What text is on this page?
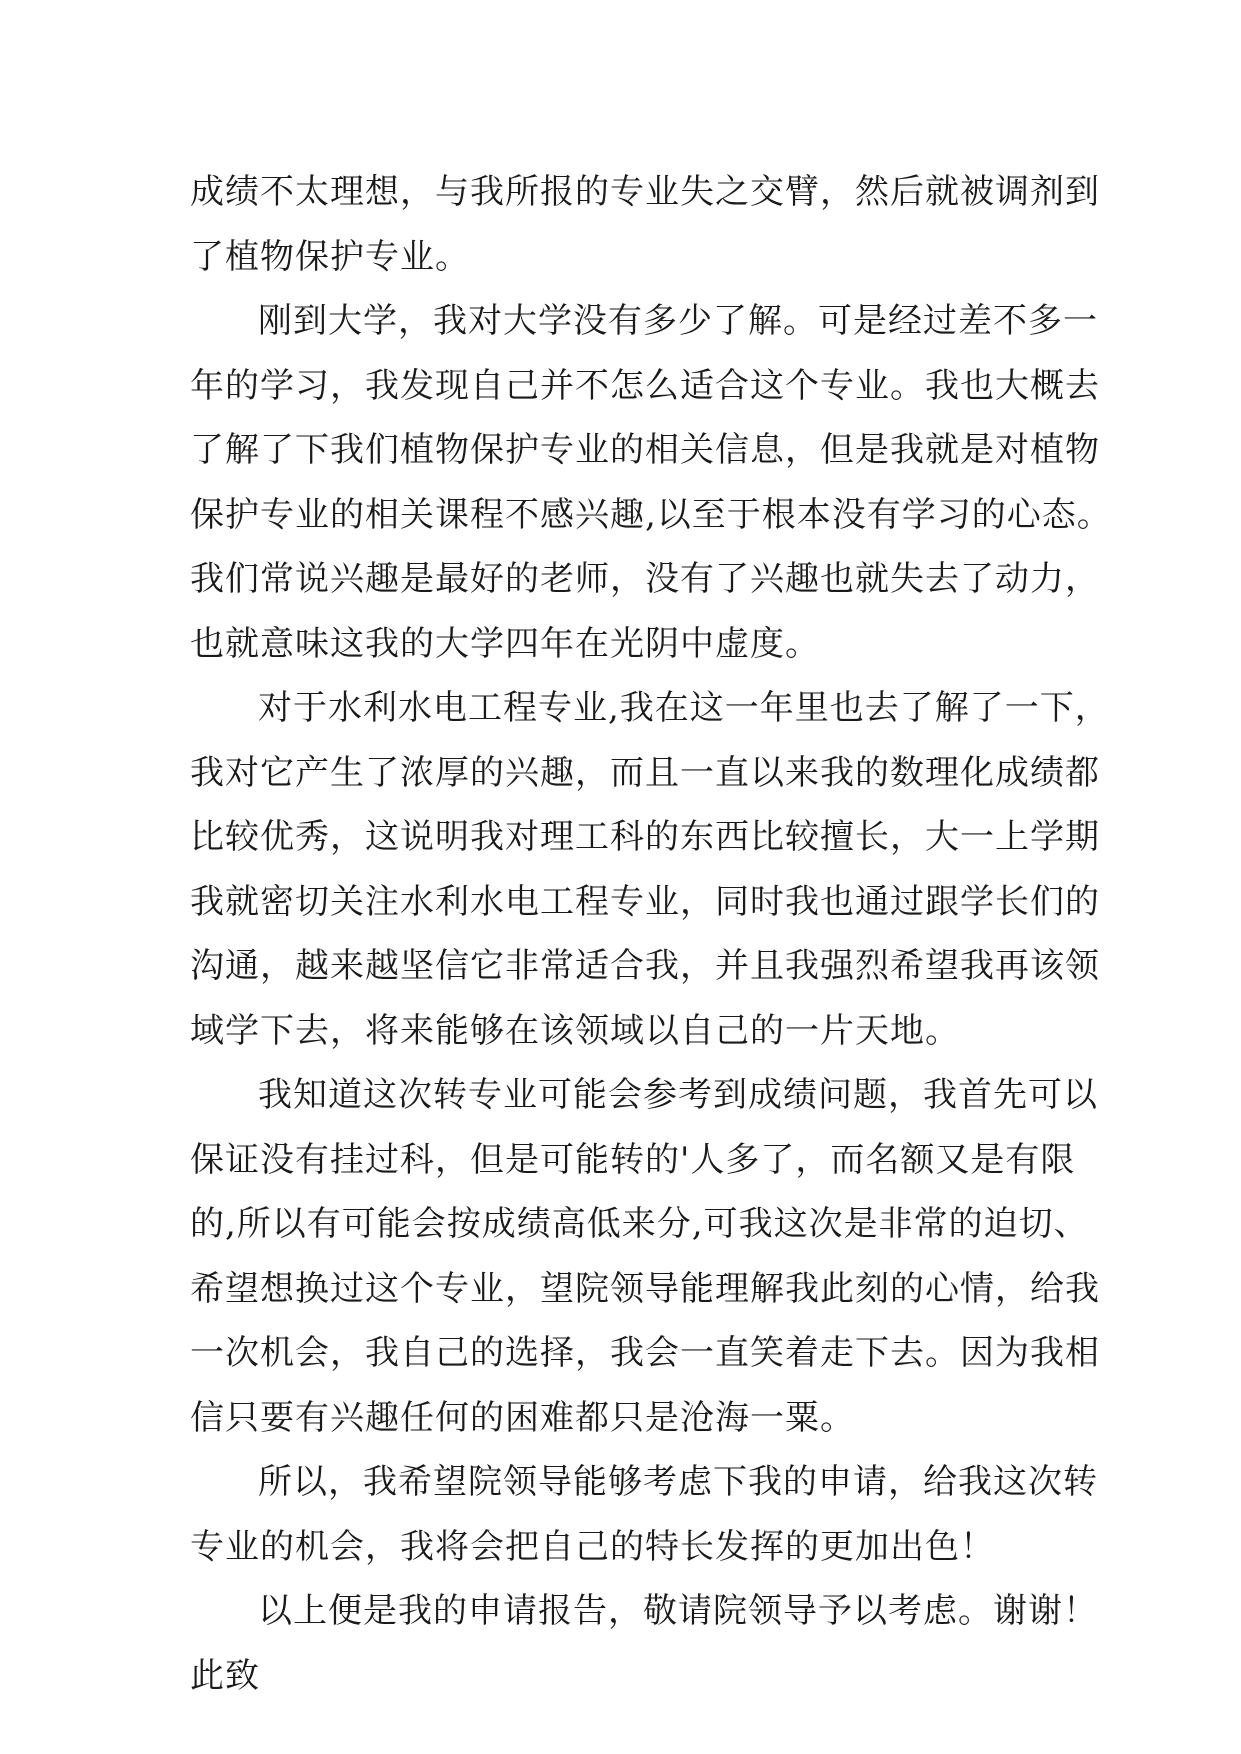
成绩不太理想，与我所报的专业失之交臂，然后就被调剂到
了植物保护专业。
刚到大学，我对大学没有多少了解。可是经过差不多一
年的学习，我发现自己并不怎么适合这个专业。我也大概去
了解了下我们植物保护专业的相关信息，但是我就是对植物
保护专业的相关课程不感兴趣,以至于根本没有学习的心态。
我们常说兴趣是最好的老师，没有了兴趣也就失去了动力，
也就意味这我的大学四年在光阴中虚度。
对于水利水电工程专业,我在这一年里也去了解了一下，
我对它产生了浓厚的兴趣，而且一直以来我的数理化成绩都
比较优秀，这说明我对理工科的东西比较擅长，大一上学期
我就密切关注水利水电工程专业，同时我也通过跟学长们的
沟通，越来越坚信它非常适合我，并且我强烈希望我再该领
域学下去，将来能够在该领域以自己的一片天地。
我知道这次转专业可能会参考到成绩问题，我首先可以
保证没有挂过科，但是可能转的'人多了，而名额又是有限
的,所以有可能会按成绩高低来分,可我这次是非常的迫切、
希望想换过这个专业，望院领导能理解我此刻的心情，给我
一次机会，我自己的选择，我会一直笑着走下去。因为我相
信只要有兴趣任何的困难都只是沧海一粟。
所以，我希望院领导能够考虑下我的申请，给我这次转
专业的机会，我将会把自己的特长发挥的更加出色！
以上便是我的申请报告，敬请院领导予以考虑。谢谢！
此致
